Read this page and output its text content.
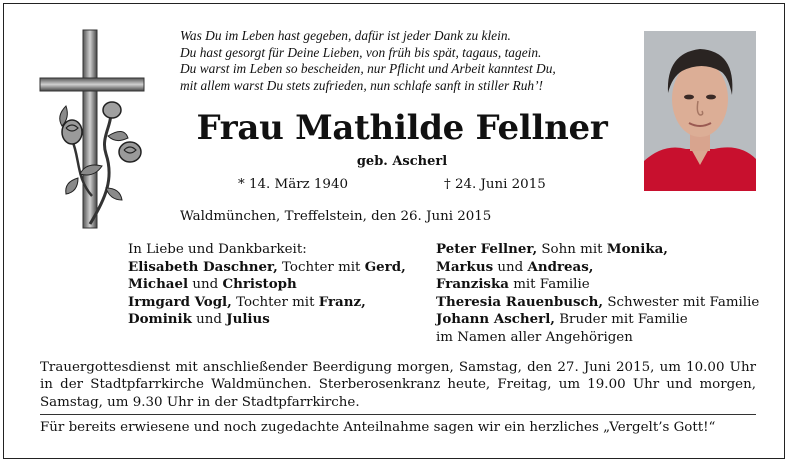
Was Du im Leben hast gegeben, dafür ist jeder Dank zu klein.
Du hast gesorgt für Deine Lieben, von früh bis spät, tagaus, tagein.
Du warst im Leben so bescheiden, nur Pflicht und Arbeit kanntest Du,
mit allem warst Du stets zufrieden, nun schlafe sanft in stiller Ruh’!
Frau Mathilde Fellner
geb. Ascherl
* 14. März 1940	† 24. Juni 2015
Waldmünchen, Treffelstein, den 26. Juni 2015
In Liebe und Dankbarkeit:
Elisabeth Daschner, Tochter mit Gerd,
Michael und Christoph
Irmgard Vogl, Tochter mit Franz,
Dominik und Julius
Peter Fellner, Sohn mit Monika,
Markus und Andreas,
Franziska mit Familie
Theresia Rauenbusch, Schwester mit Familie
Johann Ascherl, Bruder mit Familie
im Namen aller Angehörigen

Trauergottesdienst mit anschließender Beerdigung morgen, Samstag, den 27. Juni 2015, um 10.00 Uhr in der Stadtpfarrkirche Waldmünchen. Sterberosenkranz heute, Freitag, um 19.00 Uhr und morgen, Samstag, um 9.30 Uhr in der Stadtpfarrkirche.

Für bereits erwiesene und noch zugedachte Anteilnahme sagen wir ein herzliches „Vergelt’s Gott!“
